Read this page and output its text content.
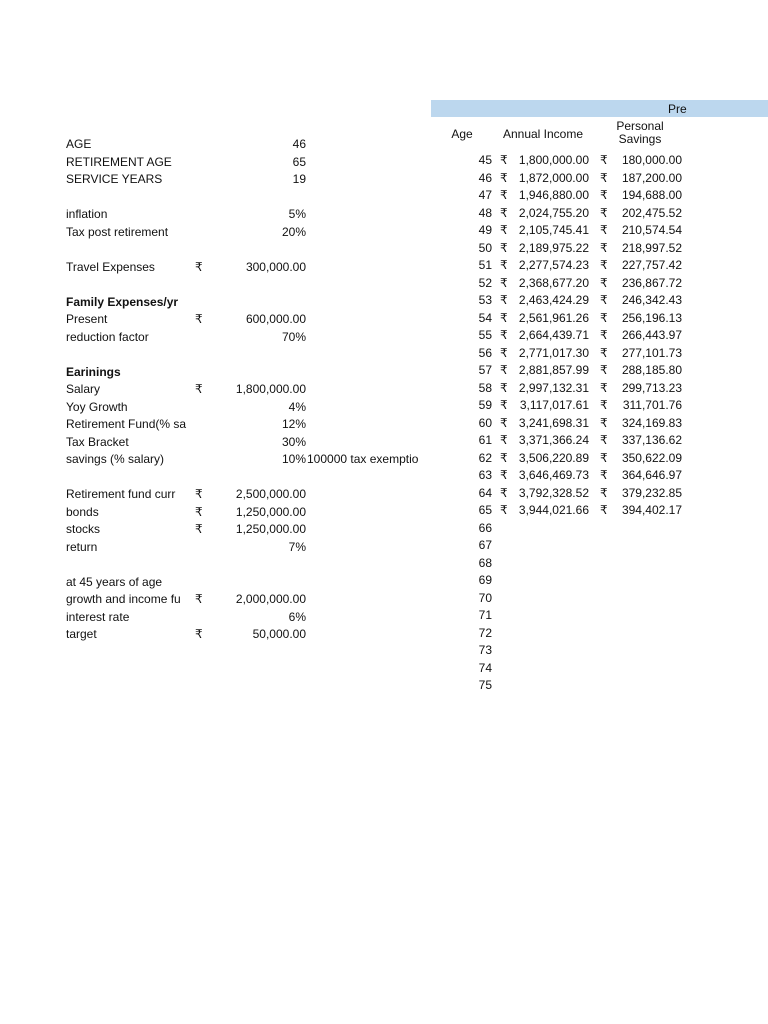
AGE	46
RETIREMENT AGE	65
SERVICE YEARS	19
inflation	5%
Tax post retirement	20%
Travel Expenses	₹	300,000.00
Family Expenses/yr
Present	₹	600,000.00
reduction factor	70%
Earinings
Salary	₹	1,800,000.00
Yoy Growth	4%
Retirement Fund(% sa	12%
Tax Bracket	30%
savings (% salary)	10% 100000 tax exemptio
Retirement fund curr	₹	2,500,000.00
bonds	₹	1,250,000.00
stocks	₹	1,250,000.00
return	7%
at 45 years of age
growth and income fu	₹	2,000,000.00
interest rate	6%
target	₹	50,000.00
Pre
Age	Annual Income
Personal
Savings
45 ₹ 1,800,000.00 ₹	180,000.00
46 ₹ 1,872,000.00 ₹	187,200.00
47 ₹ 1,946,880.00 ₹	194,688.00
48 ₹ 2,024,755.20 ₹	202,475.52
49 ₹ 2,105,745.41 ₹	210,574.54
50 ₹ 2,189,975.22 ₹	218,997.52
51 ₹ 2,277,574.23 ₹	227,757.42
52 ₹ 2,368,677.20 ₹	236,867.72
53 ₹ 2,463,424.29 ₹	246,342.43
54 ₹ 2,561,961.26 ₹	256,196.13
55 ₹ 2,664,439.71 ₹	266,443.97
56 ₹ 2,771,017.30 ₹	277,101.73
57 ₹ 2,881,857.99 ₹	288,185.80
58 ₹ 2,997,132.31 ₹	299,713.23
59 ₹	3,117,017.61 ₹	311,701.76
60 ₹ 3,241,698.31 ₹	324,169.83
61 ₹ 3,371,366.24 ₹	337,136.62
62 ₹ 3,506,220.89 ₹	350,622.09
63 ₹ 3,646,469.73 ₹	364,646.97
64 ₹ 3,792,328.52 ₹	379,232.85
65 ₹ 3,944,021.66 ₹	394,402.17
66
67
68
69
70
71
72
73
74
75
